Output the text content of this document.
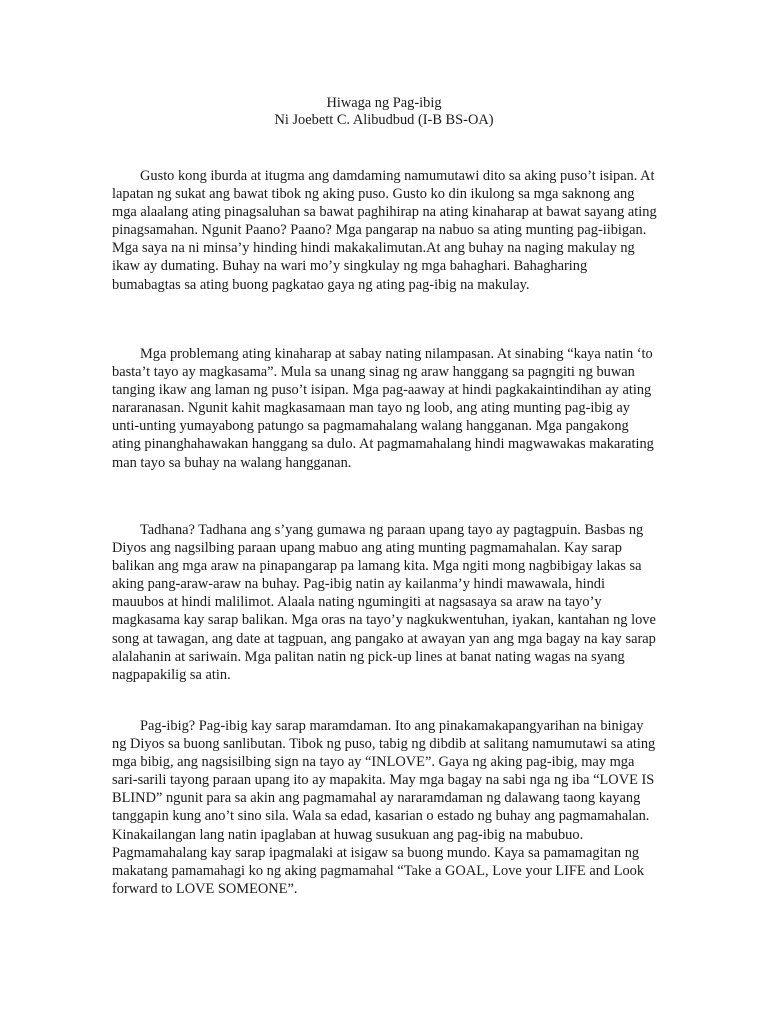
Hiwaga ng Pag-ibig
Ni Joebett C. Alibudbud (I-B BS-OA)

Gusto kong iburda at itugma ang damdaming namumutawi dito sa aking puso’t isipan. At lapatan ng sukat ang bawat tibok ng aking puso. Gusto ko din ikulong sa mga saknong ang mga alaalang ating pinagsaluhan sa bawat paghihirap na ating kinaharap at bawat sayang ating pinagsamahan. Ngunit Paano? Paano? Mga pangarap na nabuo sa ating munting pag-iibigan. Mga saya na ni minsa’y hinding hindi makakalimutan.At ang buhay na naging makulay ng ikaw ay dumating. Buhay na wari mo’y singkulay ng mga bahaghari. Bahagharing bumabagtas sa ating buong pagkatao gaya ng ating pag-ibig na makulay.

Mga problemang ating kinaharap at sabay nating nilampasan. At sinabing “kaya natin ‘to basta’t tayo ay magkasama”. Mula sa unang sinag ng araw hanggang sa pagngiti ng buwan tanging ikaw ang laman ng puso’t isipan. Mga pag-aaway at hindi pagkakaintindihan ay ating nararanasan. Ngunit kahit magkasamaan man tayo ng loob, ang ating munting pag-ibig ay unti-unting yumayabong patungo sa pagmamahalang walang hangganan. Mga pangakong ating pinanghahawakan hanggang sa dulo. At pagmamahalang hindi magwawakas makarating man tayo sa buhay na walang hangganan.

Tadhana? Tadhana ang s’yang gumawa ng paraan upang tayo ay pagtagpuin. Basbas ng Diyos ang nagsilbing paraan upang mabuo ang ating munting pagmamahalan. Kay sarap balikan ang mga araw na pinapangarap pa lamang kita. Mga ngiti mong nagbibigay lakas sa aking pang-araw-araw na buhay. Pag-ibig natin ay kailanma’y hindi mawawala, hindi mauubos at hindi malilimot. Alaala nating ngumingiti at nagsasaya sa araw na tayo’y magkasama kay sarap balikan. Mga oras na tayo’y nagkukwentuhan, iyakan, kantahan ng love song at tawagan, ang date at tagpuan, ang pangako at awayan yan ang mga bagay na kay sarap alalahanin at sariwain. Mga palitan natin ng pick-up lines at banat nating wagas na syang nagpapakilig sa atin.

Pag-ibig? Pag-ibig kay sarap maramdaman. Ito ang pinakamakapangyarihan na binigay ng Diyos sa buong sanlibutan. Tibok ng puso, tabig ng dibdib at salitang namumutawi sa ating mga bibig, ang nagsisilbing sign na tayo ay “INLOVE”. Gaya ng aking pag-ibig, may mga sari-sarili tayong paraan upang ito ay mapakita. May mga bagay na sabi nga ng iba “LOVE IS BLIND” ngunit para sa akin ang pagmamahal ay nararamdaman ng dalawang taong kayang tanggapin kung ano’t sino sila. Wala sa edad, kasarian o estado ng buhay ang pagmamahalan. Kinakailangan lang natin ipaglaban at huwag susukuan ang pag-ibig na mabubuo. Pagmamahalang kay sarap ipagmalaki at isigaw sa buong mundo. Kaya sa pamamagitan ng makatang pamamahagi ko ng aking pagmamahal “Take a GOAL, Love your LIFE and Look forward to LOVE SOMEONE”.
